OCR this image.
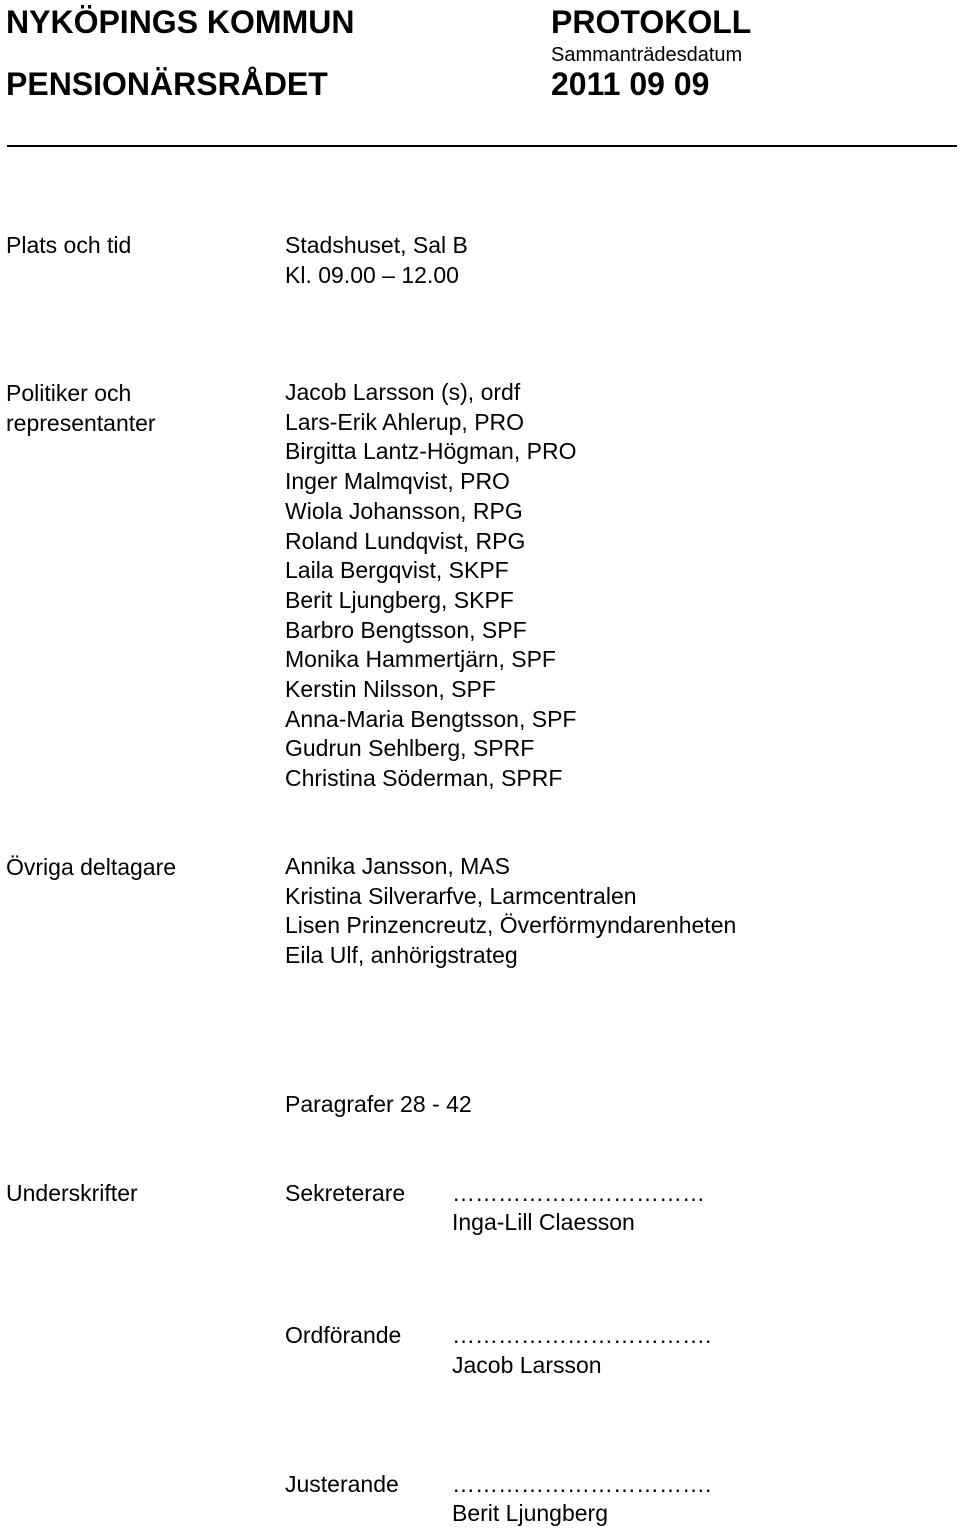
NYKÖPINGS KOMMUN
PENSIONÄRSRÅDET
PROTOKOLL
Sammanträdesdatum
2011 09 09
Plats och tid	Stadshuset, Sal B
Kl. 09.00 – 12.00
Politiker och
representanter
Jacob Larsson (s), ordf
Lars-Erik Ahlerup, PRO
Birgitta Lantz-Högman, PRO
Inger Malmqvist, PRO
Wiola Johansson, RPG
Roland Lundqvist, RPG
Laila Bergqvist, SKPF
Berit Ljungberg, SKPF
Barbro Bengtsson, SPF
Monika Hammertjärn, SPF
Kerstin Nilsson, SPF
Anna-Maria Bengtsson, SPF
Gudrun Sehlberg, SPRF
Christina Söderman, SPRF
Övriga deltagare	Annika Jansson, MAS
Kristina Silverarfve, Larmcentralen
Lisen Prinzencreutz, Överförmyndarenheten
Eila Ulf, anhörigstrateg
Paragrafer 28 - 42
Underskrifter	Sekreterare ……………………………
Inga-Lill Claesson
Ordförande …………………………….
Jacob Larsson
Justerande …………………………….
Berit Ljungberg
